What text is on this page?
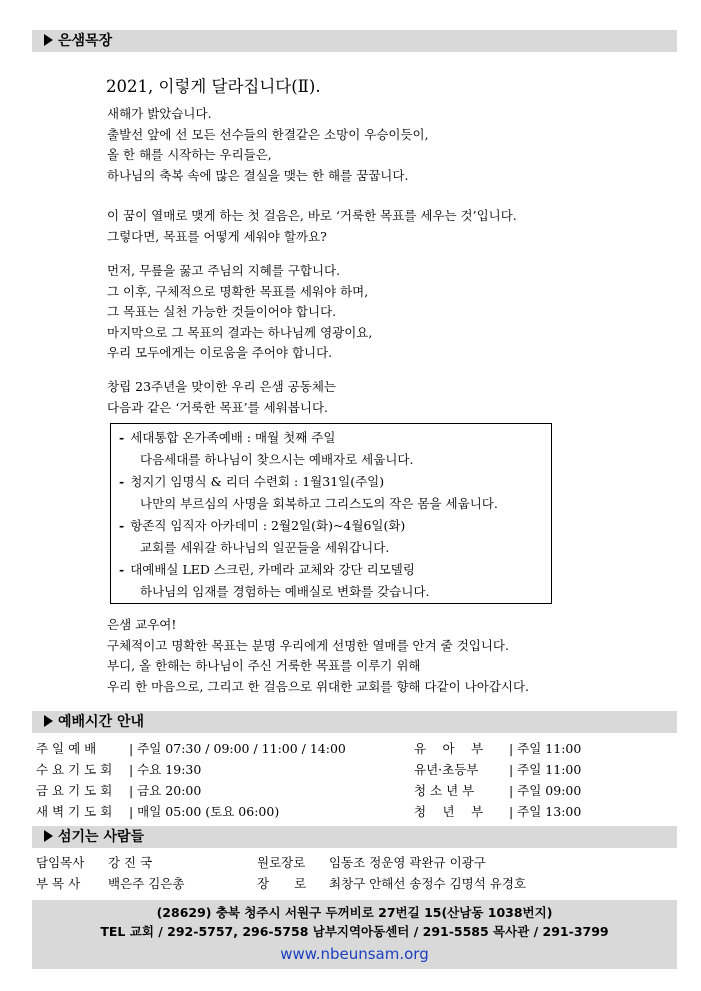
은샘목장
2021, 이렇게 달라집니다(Ⅱ).
새해가 밝았습니다.
출발선 앞에 선 모든 선수들의 한결같은 소망이 우승이듯이,
올 한 해를 시작하는 우리들은,
하나님의 축복 속에 많은 결실을 맺는 한 해를 꿈꿉니다.
이 꿈이 열매로 맺게 하는 첫 걸음은, 바로 ‘거룩한 목표를 세우는 것’입니다.
그렇다면, 목표를 어떻게 세워야 할까요?
먼저, 무릎을 꿇고 주님의 지혜를 구합니다.
그 이후, 구체적으로 명확한 목표를 세워야 하며,
그 목표는 실천 가능한 것들이어야 합니다.
마지막으로 그 목표의 결과는 하나님께 영광이요,
우리 모두에게는 이로움을 주어야 합니다.
창립 23주년을 맞이한 우리 은샘 공동체는
다음과 같은 ‘거룩한 목표’를 세워봅니다.
- 세대통합 온가족예배 : 매월 첫째 주일
다음세대를 하나님이 찾으시는 예배자로 세웁니다.
- 청지기 임명식 & 리더 수련회 : 1월31일(주일)
나만의 부르심의 사명을 회복하고 그리스도의 작은 몸을 세웁니다.
- 항존직 임직자 아카데미 : 2월2일(화)~4월6일(화)
교회를 세워갈 하나님의 일꾼들을 세워갑니다.
- 대예배실 LED 스크린, 카메라 교체와 강단 리모델링
하나님의 임재를 경험하는 예배실로 변화를 갖습니다.
은샘 교우여!
구체적이고 명확한 목표는 분명 우리에게 선명한 열매를 안겨 줄 것입니다.
부디, 올 한해는 하나님이 주신 거룩한 목표를 이루기 위해
우리 한 마음으로, 그리고 한 걸음으로 위대한 교회를 향해 다같이 나아갑시다.
예배시간 안내
주 일 예 배	| 주일 07:30 / 09:00 / 11:00 / 14:00
수 요 기 도 회	| 수요 19:30
금 요 기 도 회	| 금요 20:00
새 벽 기 도 회	| 매일 05:00 (토요 06:00)
유　 아　 부	| 주일 11:00
유년·초등부	| 주일 11:00
청 소 년 부	| 주일 09:00
청　 년　 부	| 주일 13:00
섬기는 사람들
담임목사	강 진 국	원로장로	임동조 정운영 곽완규 이광구
부 목 사	백은주 김은총	장　　로	최창구 안해선 송정수 김명석 유경호
(28629) 충북 청주시 서원구 두꺼비로 27번길 15(산남동 1038번지)
TEL 교회 / 292-5757, 296-5758 남부지역아동센터 / 291-5585 목사관 / 291-3799
www.nbeunsam.org
